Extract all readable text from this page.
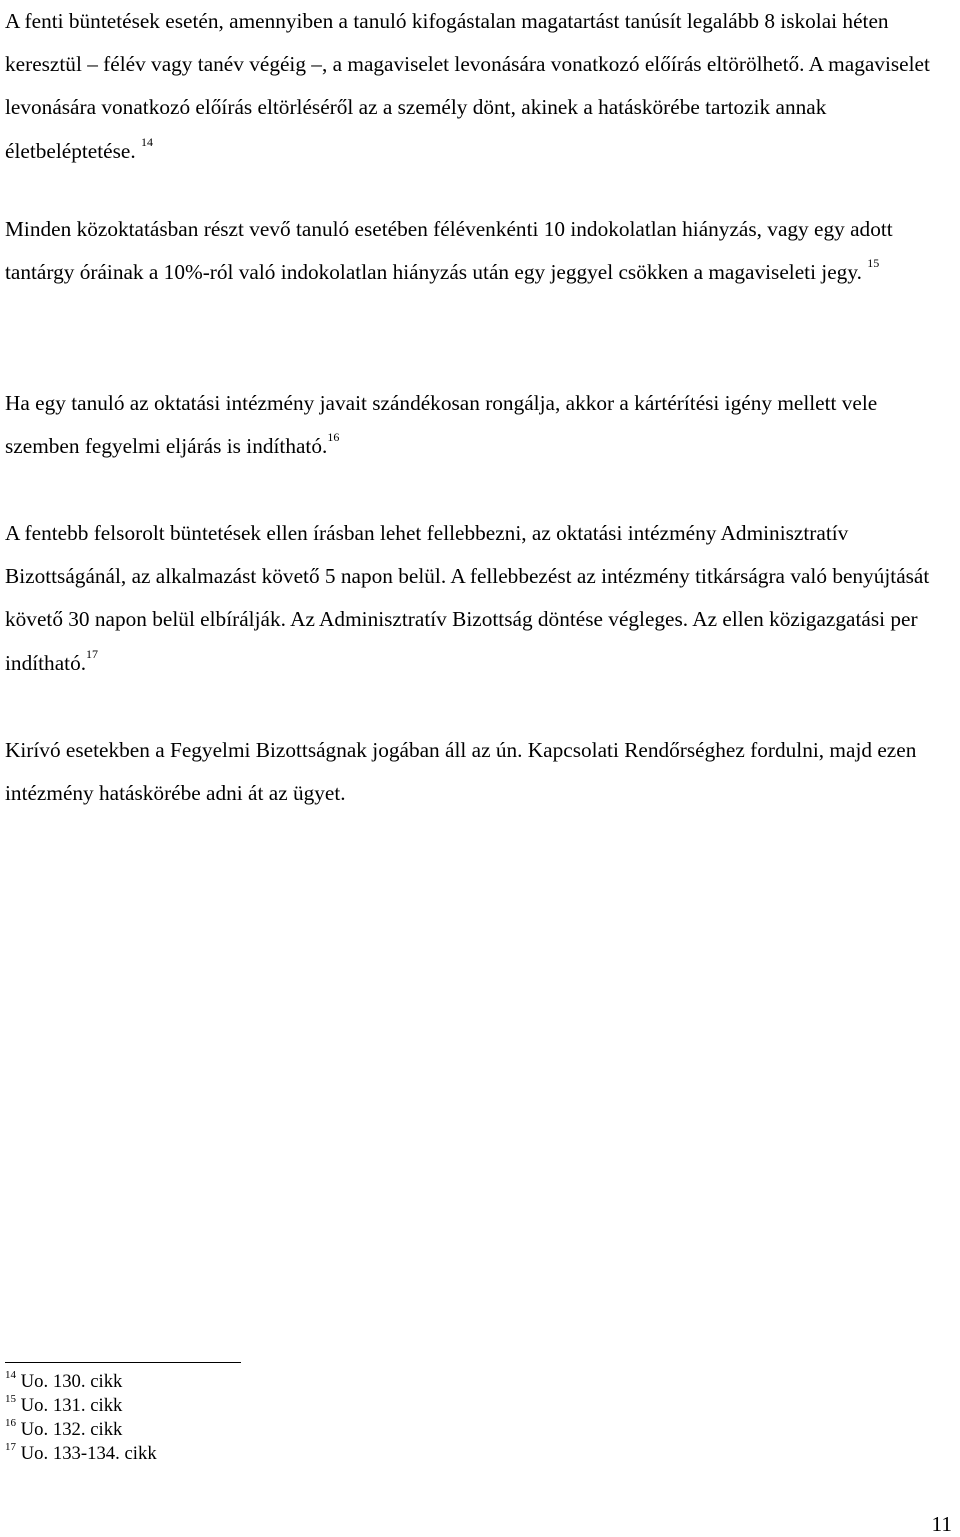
A fenti büntetések esetén, amennyiben a tanuló kifogástalan magatartást tanúsít legalább 8 iskolai héten keresztül – félév vagy tanév végéig –, a magaviselet levonására vonatkozó előírás eltörölhető. A magaviselet levonására vonatkozó előírás eltörléséről az a személy dönt, akinek a hatáskörébe tartozik annak életbeléptetése. $^{14}$

Minden közoktatásban részt vevő tanuló esetében félévenkénti 10 indokolatlan hiányzás, vagy egy adott tantárgy óráinak a 10%-ról való indokolatlan hiányzás után egy jeggyel csökken a magaviseleti jegy. $^{15}$

Ha egy tanuló az oktatási intézmény javait szándékosan rongálja, akkor a kártérítési igény mellett vele szemben fegyelmi eljárás is indítható.$^{16}$

A fentebb felsorolt büntetések ellen írásban lehet fellebbezni, az oktatási intézmény Adminisztratív Bizottságánál, az alkalmazást követő 5 napon belül. A fellebbezést az intézmény titkárságra való benyújtását követő 30 napon belül elbírálják. Az Adminisztratív Bizottság döntése végleges. Az ellen közigazgatási per indítható.$^{17}$

Kirívó esetekben a Fegyelmi Bizottságnak jogában áll az ún. Kapcsolati Rendőrséghez fordulni, majd ezen intézmény hatáskörébe adni át az ügyet.

$^{14}$ Uo. 130. cikk
$^{15}$ Uo. 131. cikk
$^{16}$ Uo. 132. cikk
$^{17}$ Uo. 133-134. cikk
11
